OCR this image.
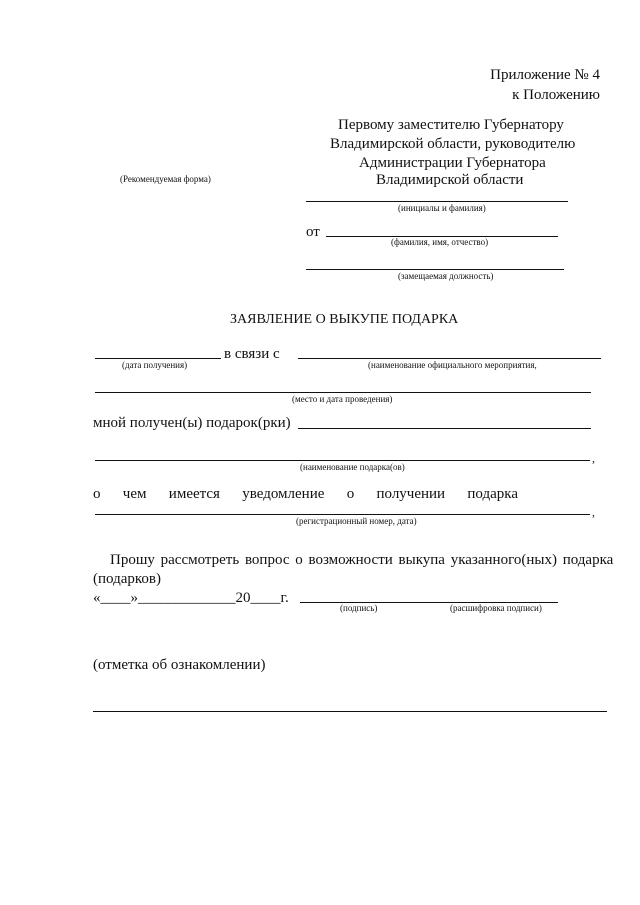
Приложение № 4
к Положению
Первому заместителю Губернатору
Владимирской области, руководителю
Администрации Губернатора
Владимирской области
(Рекомендуемая форма)
(инициалы и фамилия)
от
(фамилия, имя, отчество)
(замещаемая должность)
ЗАЯВЛЕНИЕ О ВЫКУПЕ ПОДАРКА
в связи с
(дата получения)	(наименование официального мероприятия,
(место и дата проведения)
мной получен(ы) подарок(рки)
,
(наименование подарка(ов)
о чем имеется уведомление о получении подарка
,
(регистрационный номер, дата)
Прошу рассмотреть вопрос о возможности выкупа указанного(ных) подарка
(подарков)
«____»_____________20____г.
(подпись)	(расшифровка подписи)
(отметка об ознакомлении)
